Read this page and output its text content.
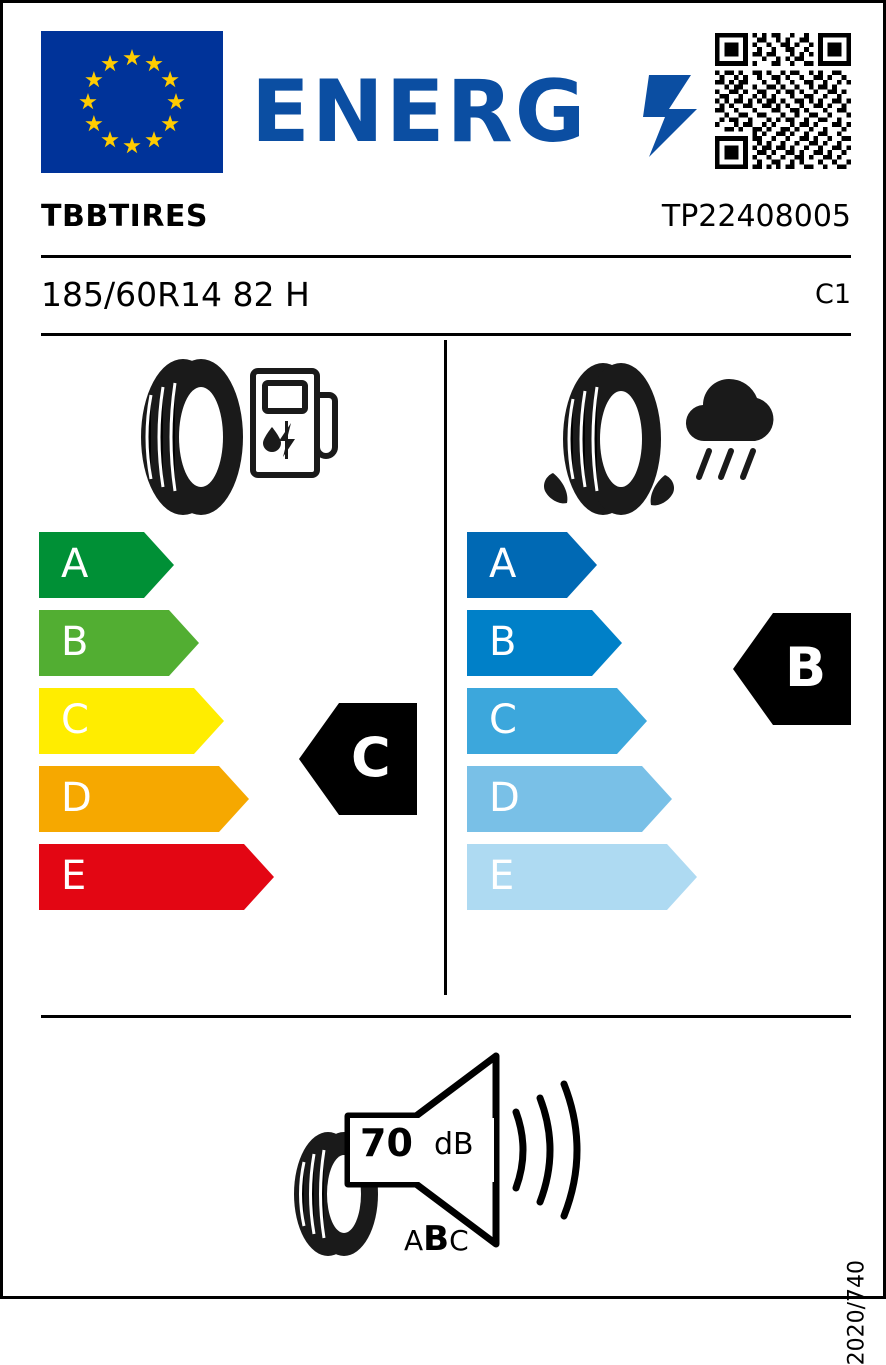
ENERG
TBBTIRES	TP22408005
185/60R14 82 H	C1
A
B
C
D
E
A
B
C
D
E
C
B
70 dB
ABC
2020/740
